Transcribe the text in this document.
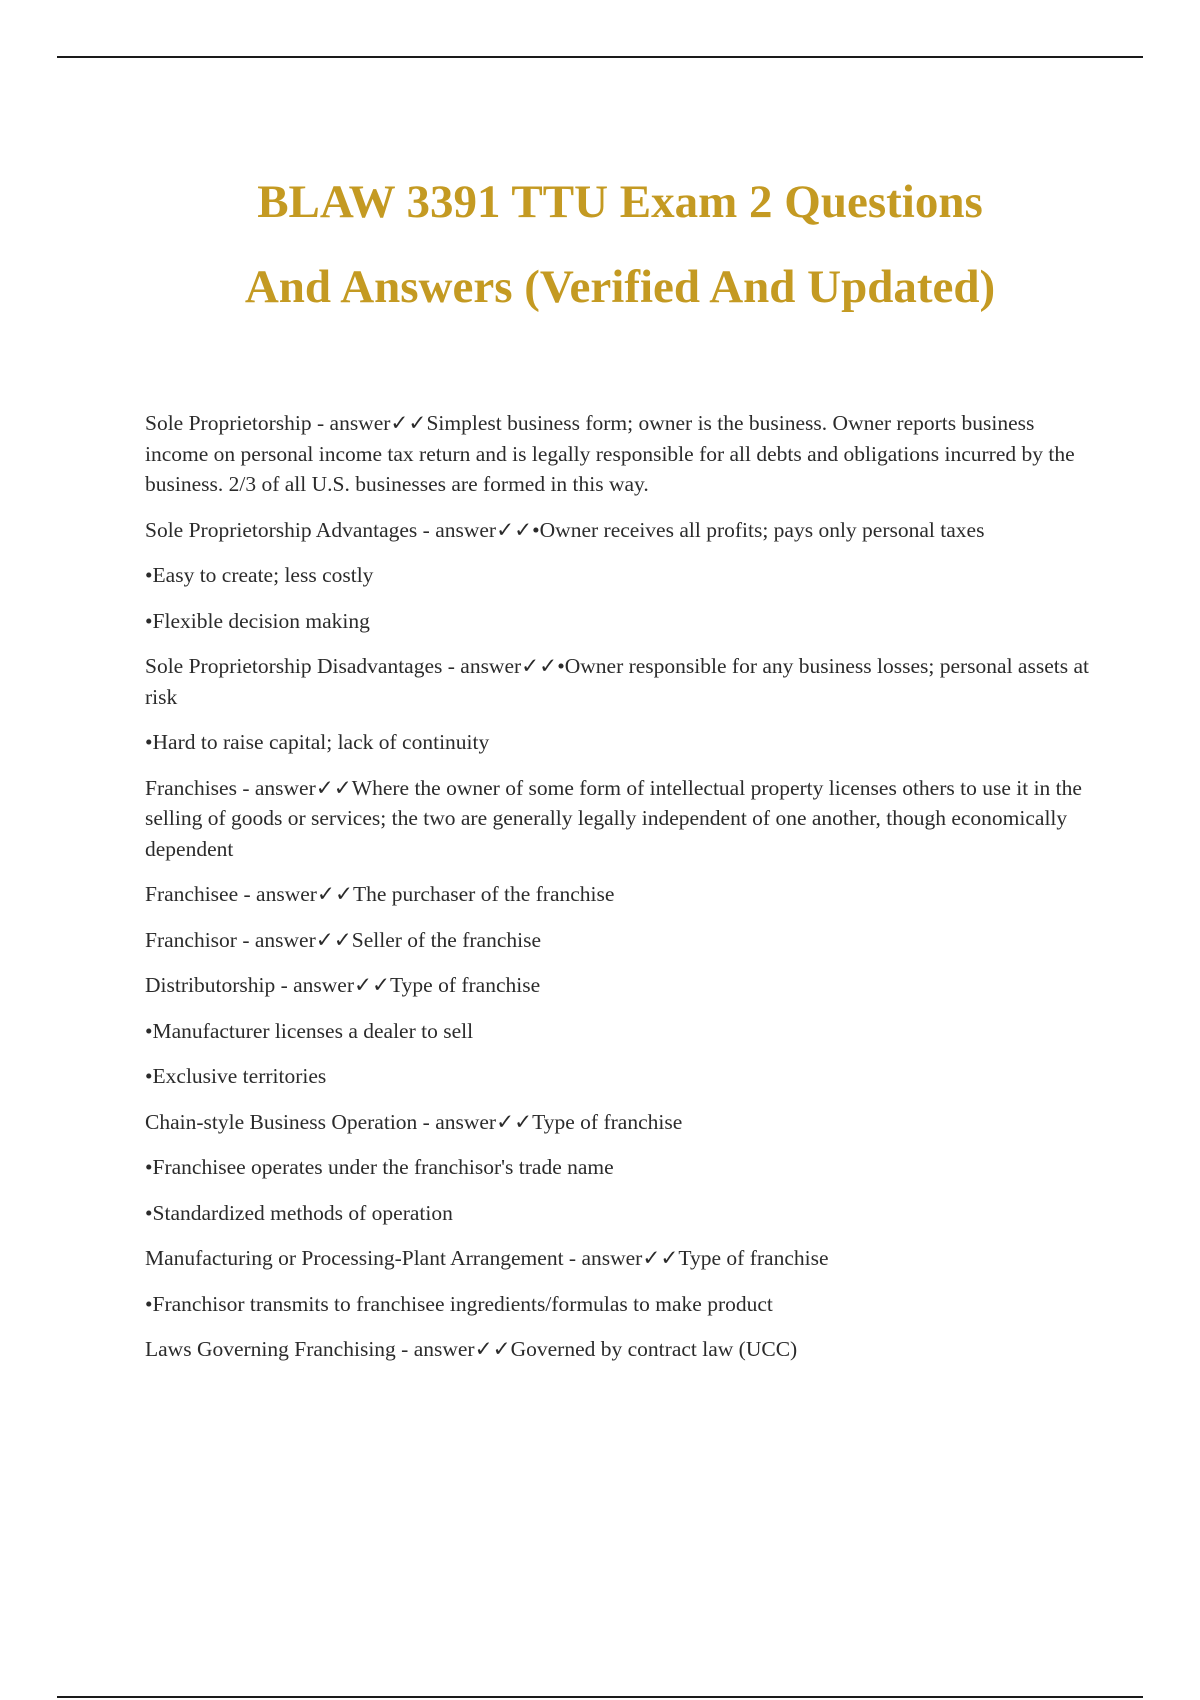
BLAW 3391 TTU Exam 2 Questions
And Answers (Verified And Updated)

Sole Proprietorship - answer✓✓Simplest business form; owner is the business. Owner reports business income on personal income tax return and is legally responsible for all debts and obligations incurred by the business. 2/3 of all U.S. businesses are formed in this way.

Sole Proprietorship Advantages - answer✓✓•Owner receives all profits; pays only personal taxes

•Easy to create; less costly

•Flexible decision making

Sole Proprietorship Disadvantages - answer✓✓•Owner responsible for any business losses; personal assets at risk

•Hard to raise capital; lack of continuity

Franchises - answer✓✓Where the owner of some form of intellectual property licenses others to use it in the selling of goods or services; the two are generally legally independent of one another, though economically dependent

Franchisee - answer✓✓The purchaser of the franchise

Franchisor - answer✓✓Seller of the franchise

Distributorship - answer✓✓Type of franchise

•Manufacturer licenses a dealer to sell

•Exclusive territories

Chain-style Business Operation - answer✓✓Type of franchise

•Franchisee operates under the franchisor's trade name

•Standardized methods of operation

Manufacturing or Processing-Plant Arrangement - answer✓✓Type of franchise

•Franchisor transmits to franchisee ingredients/formulas to make product

Laws Governing Franchising - answer✓✓Governed by contract law (UCC)
